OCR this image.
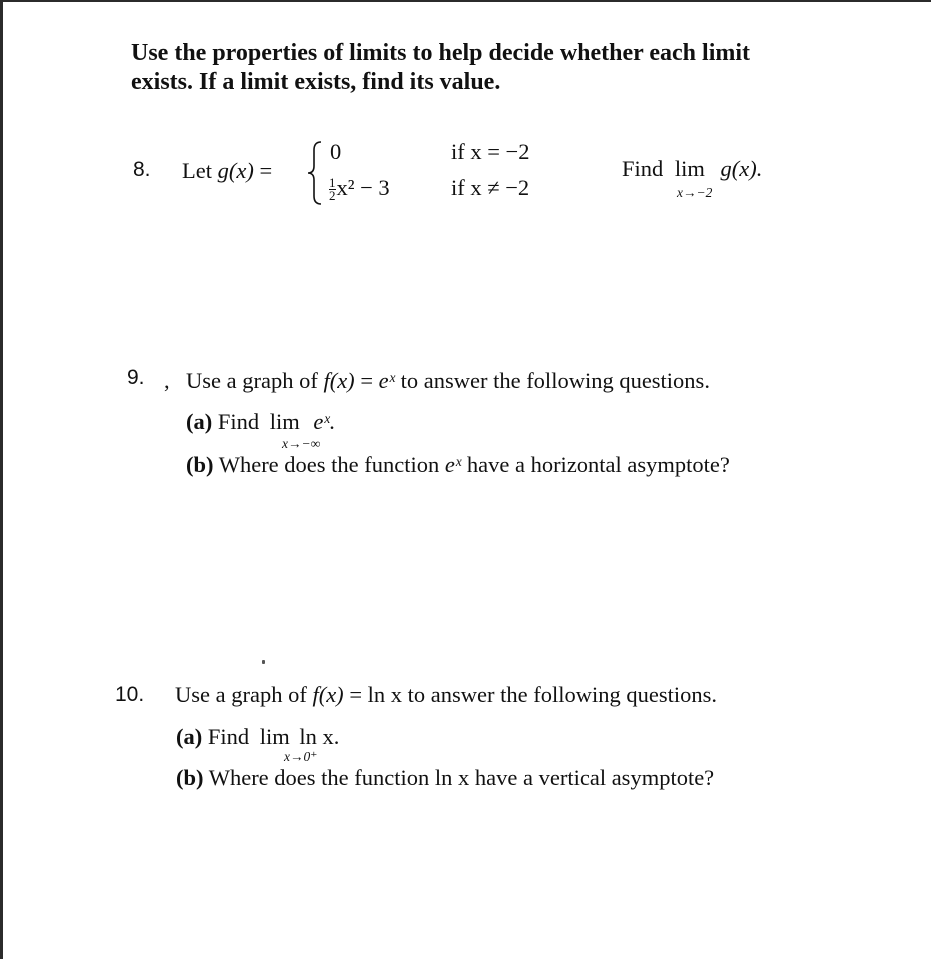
Use the properties of limits to help decide whether each limit
exists. If a limit exists, find its value.
8. Let g(x) =
0	if x = −2
$\frac{1}{2} x^2 - 3$	if x ≠ −2
Find lim g(x).
x→−2
9. , Use a graph of f(x) = eˣ to answer the following questions.
(a) Find lim eˣ.
x→−∞
(b) Where does the function eˣ have a horizontal asymptote?
10. Use a graph of f(x) = ln x to answer the following questions.
(a) Find lim ln x.
x→0⁺
(b) Where does the function ln x have a vertical asymptote?
